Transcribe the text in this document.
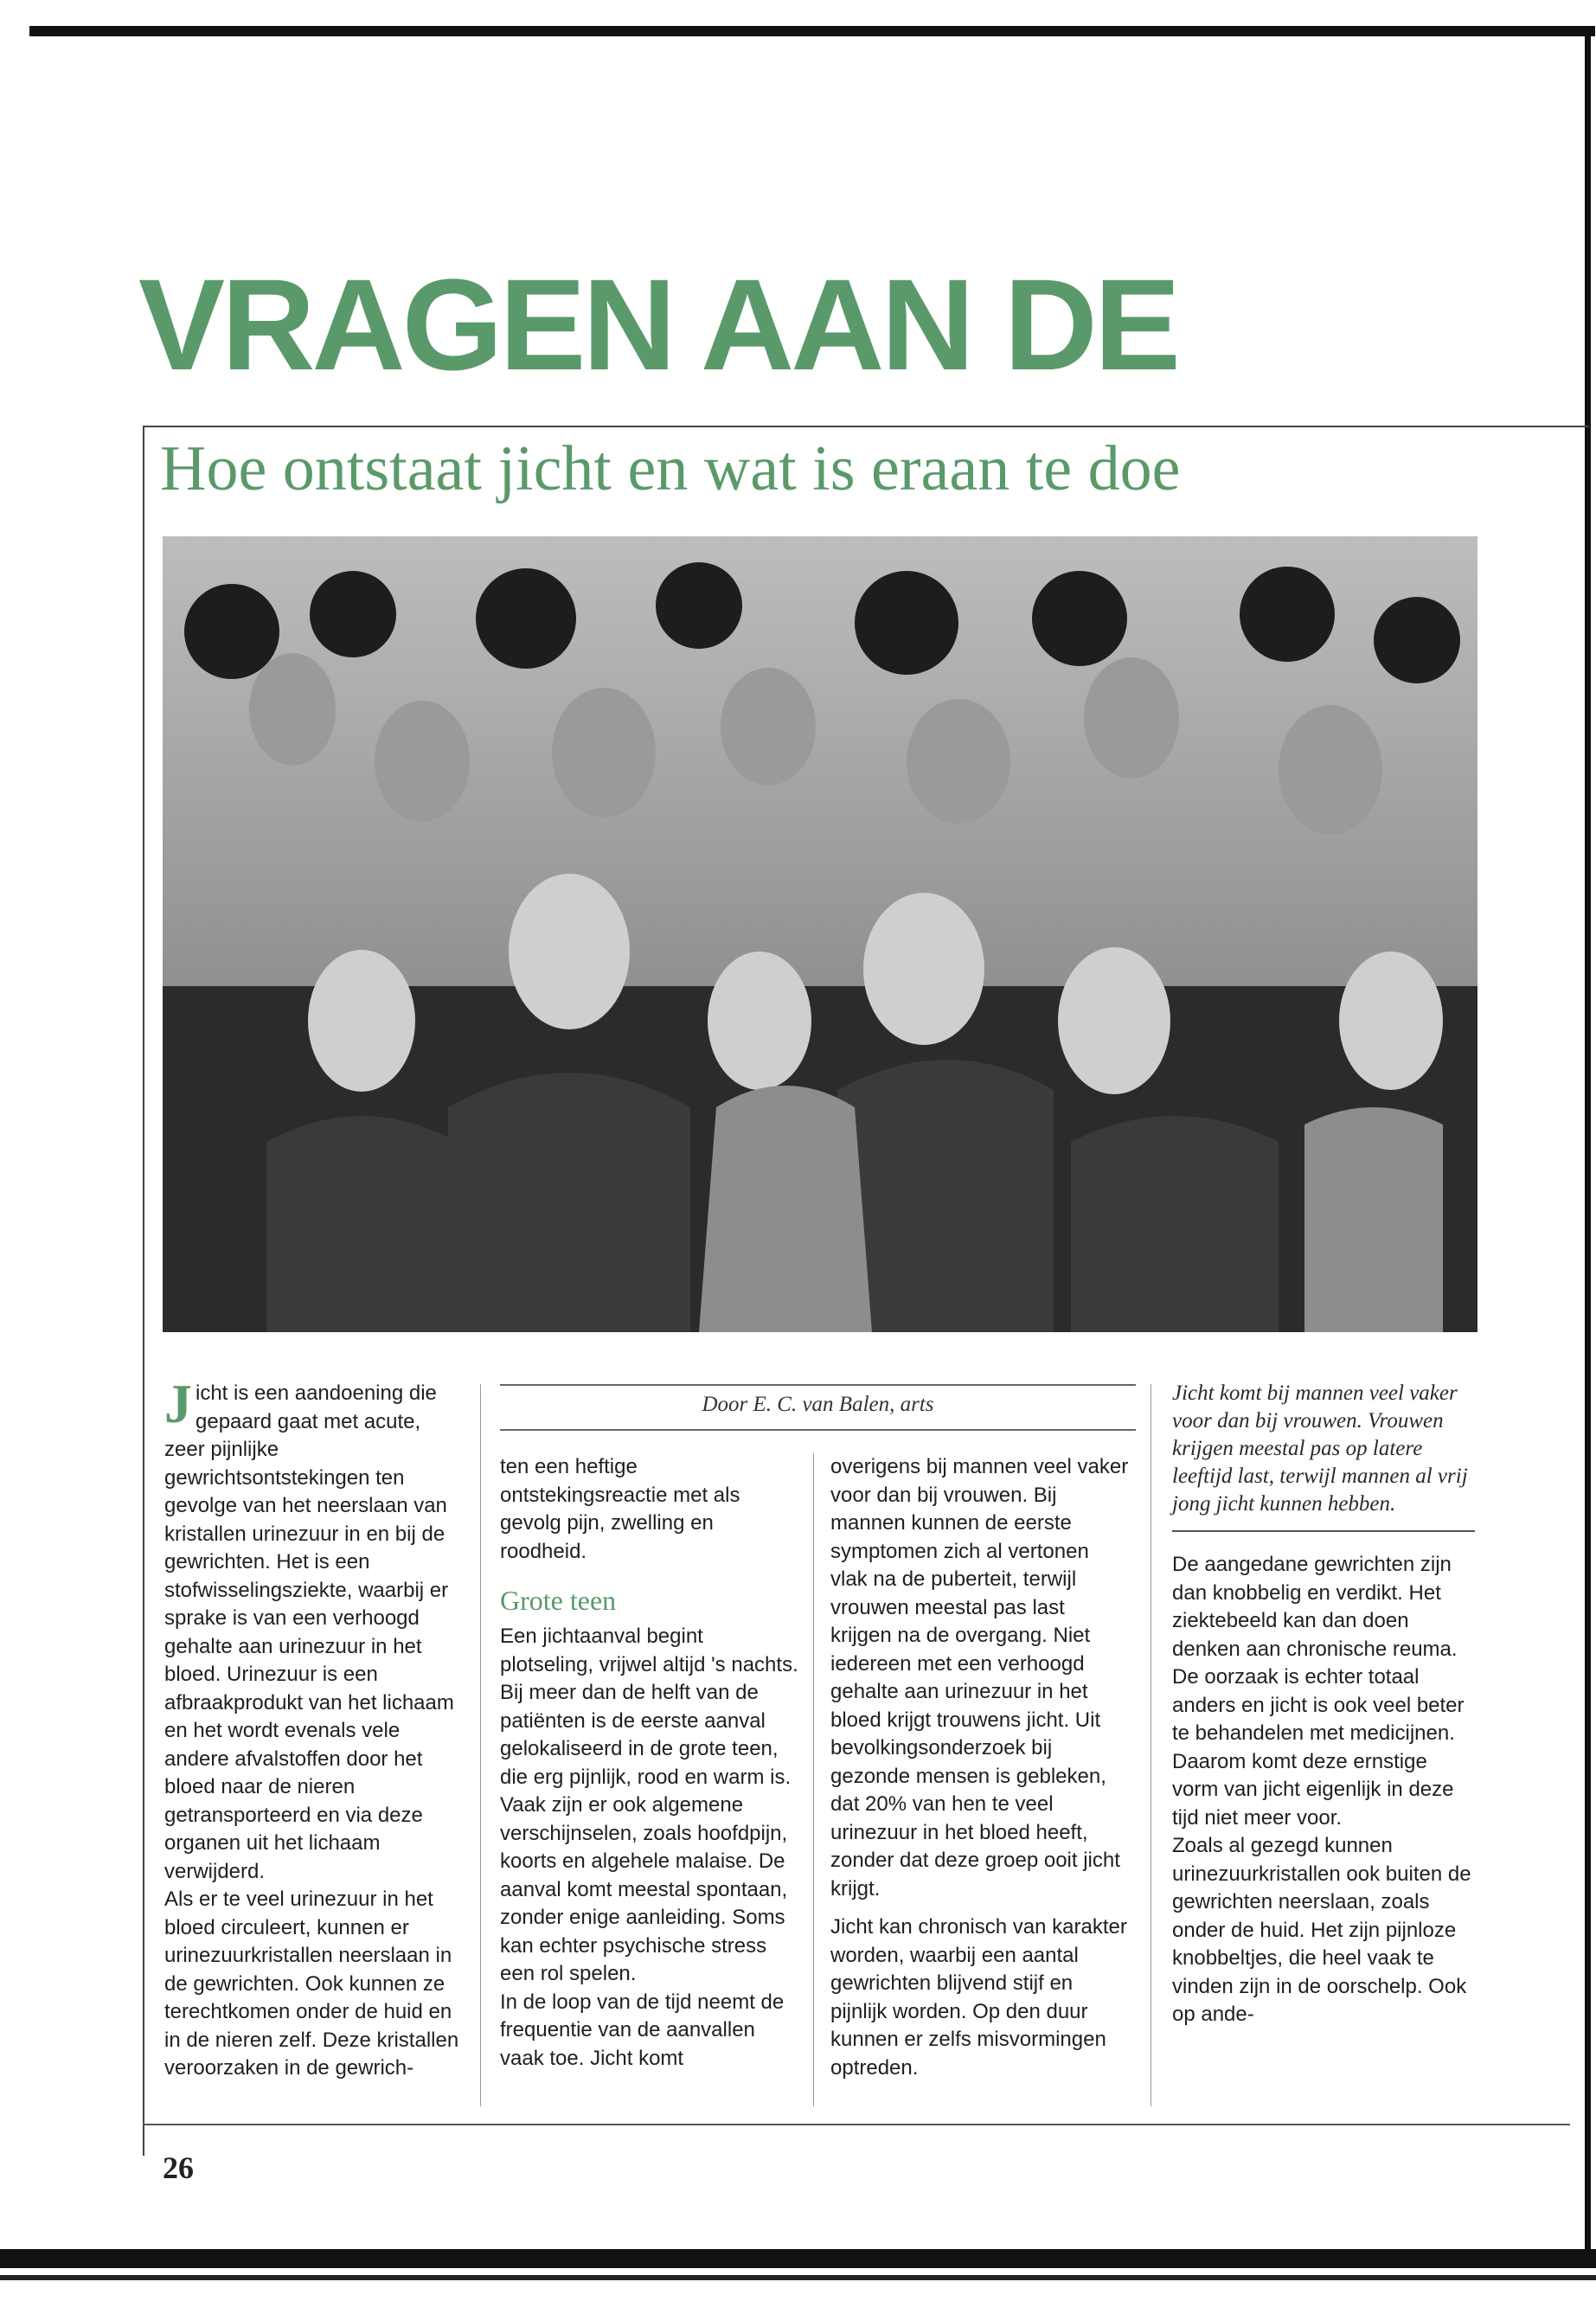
VRAGEN AAN DE
Hoe ontstaat jicht en wat is eraan te doe
Door E. C. van Balen, arts

J icht is een aandoening die gepaard gaat met acute, zeer pijnlijke gewrichtsontstekingen ten gevolge van het neerslaan van kristallen urinezuur in en bij de gewrichten. Het is een stofwisselingsziekte, waarbij er sprake is van een verhoogd gehalte aan urinezuur in het bloed. Urinezuur is een afbraakprodukt van het lichaam en het wordt evenals vele andere afvalstoffen door het bloed naar de nieren getransporteerd en via deze organen uit het lichaam verwijderd.

Als er te veel urinezuur in het bloed circuleert, kunnen er urinezuurkristallen neerslaan in de gewrichten. Ook kunnen ze terechtkomen onder de huid en in de nieren zelf. Deze kristallen veroorzaken in de gewrich-

ten een heftige ontstekingsreactie met als gevolg pijn, zwelling en roodheid.

Grote teen

Een jichtaanval begint plotseling, vrijwel altijd 's nachts. Bij meer dan de helft van de patiënten is de eerste aanval gelokaliseerd in de grote teen, die erg pijnlijk, rood en warm is.

Vaak zijn er ook algemene verschijnselen, zoals hoofdpijn, koorts en algehele malaise. De aanval komt meestal spontaan, zonder enige aanleiding. Soms kan echter psychische stress een rol spelen.

In de loop van de tijd neemt de frequentie van de aanvallen vaak toe. Jicht komt

overigens bij mannen veel vaker voor dan bij vrouwen. Bij mannen kunnen de eerste symptomen zich al vertonen vlak na de puberteit, terwijl vrouwen meestal pas last krijgen na de overgang. Niet iedereen met een verhoogd gehalte aan urinezuur in het bloed krijgt trouwens jicht. Uit bevolkingsonderzoek bij gezonde mensen is gebleken, dat 20% van hen te veel urinezuur in het bloed heeft, zonder dat deze groep ooit jicht krijgt.

Jicht kan chronisch van karakter worden, waarbij een aantal gewrichten blijvend stijf en pijnlijk worden. Op den duur kunnen er zelfs misvormingen optreden.

Jicht komt bij mannen veel vaker voor dan bij vrouwen. Vrouwen krijgen meestal pas op latere leeftijd last, terwijl mannen al vrij jong jicht kunnen hebben.

De aangedane gewrichten zijn dan knobbelig en verdikt. Het ziektebeeld kan dan doen denken aan chronische reuma. De oorzaak is echter totaal anders en jicht is ook veel beter te behandelen met medicijnen. Daarom komt deze ernstige vorm van jicht eigenlijk in deze tijd niet meer voor.

Zoals al gezegd kunnen urinezuurkristallen ook buiten de gewrichten neerslaan, zoals onder de huid. Het zijn pijnloze knobbeltjes, die heel vaak te vinden zijn in de oorschelp. Ook op ande-

26
